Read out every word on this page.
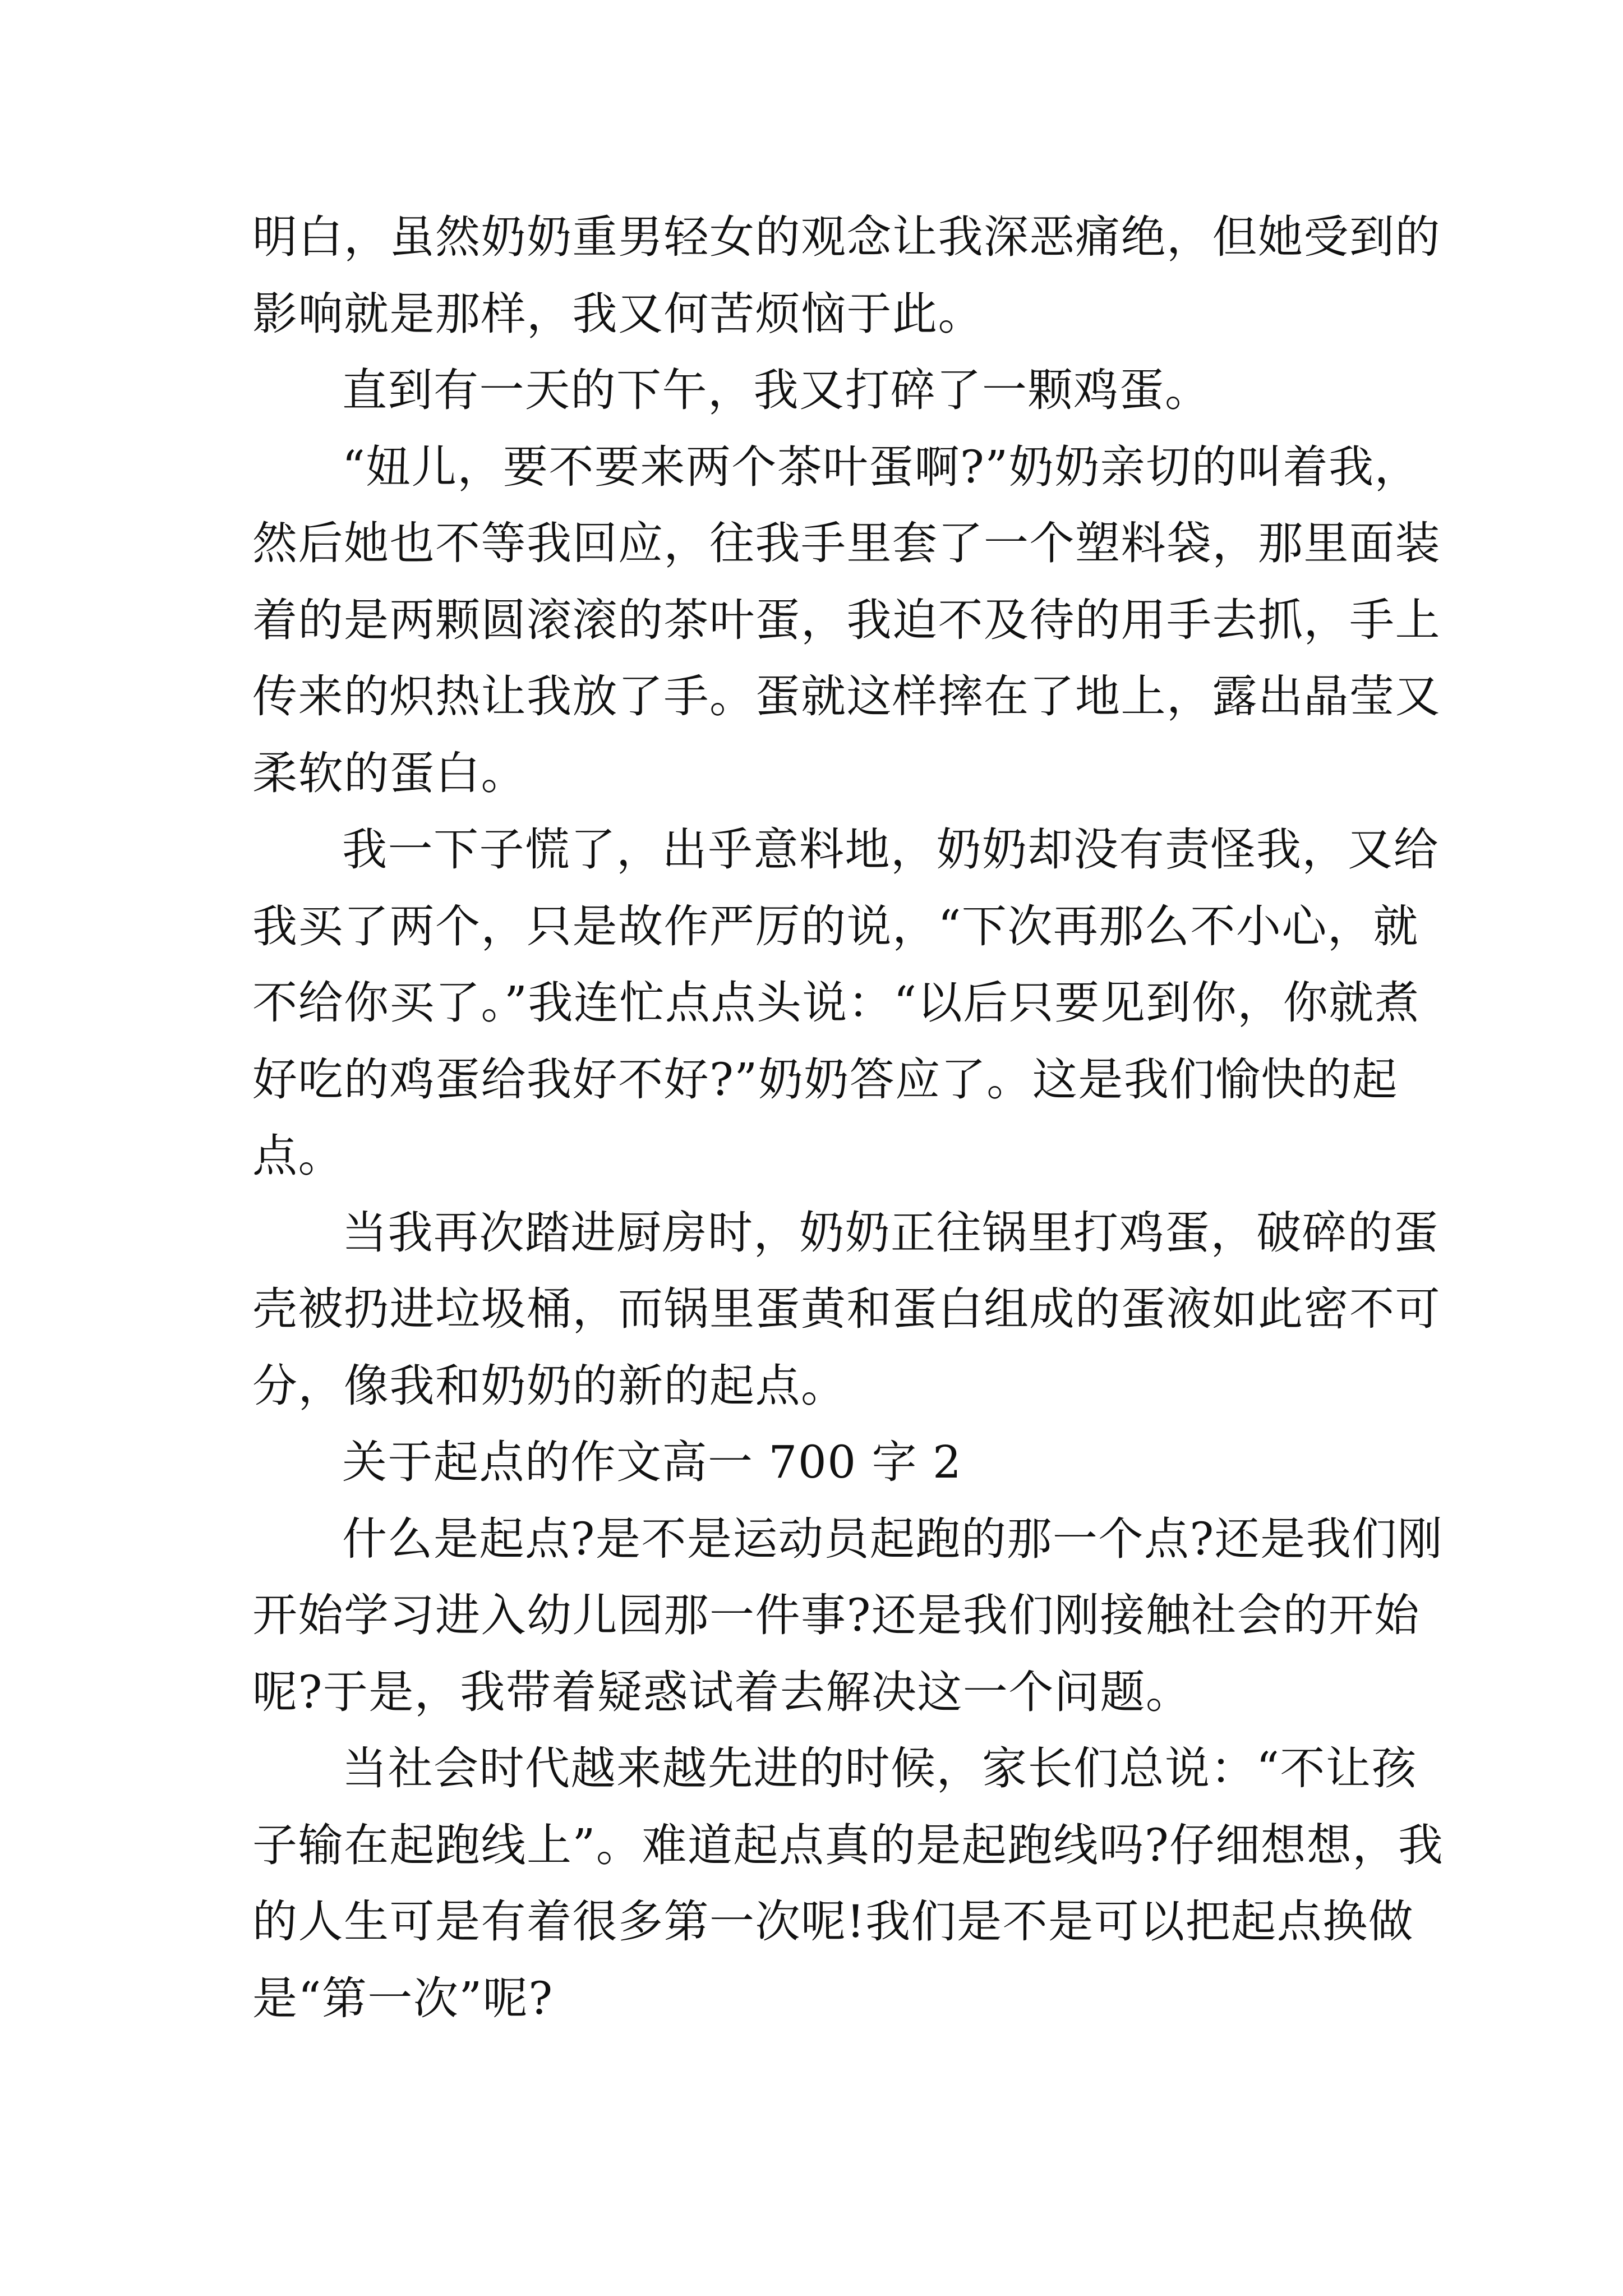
明白，虽然奶奶重男轻女的观念让我深恶痛绝，但她受到的
影响就是那样，我又何苦烦恼于此。

直到有一天的下午，我又打碎了一颗鸡蛋。

“妞儿，要不要来两个茶叶蛋啊?”奶奶亲切的叫着我，
然后她也不等我回应，往我手里套了一个塑料袋，那里面装
着的是两颗圆滚滚的茶叶蛋，我迫不及待的用手去抓，手上
传来的炽热让我放了手。蛋就这样摔在了地上，露出晶莹又
柔软的蛋白。

我一下子慌了，出乎意料地，奶奶却没有责怪我，又给
我买了两个，只是故作严厉的说，“下次再那么不小心，就
不给你买了。”我连忙点点头说：“以后只要见到你，你就煮
好吃的鸡蛋给我好不好?”奶奶答应了。这是我们愉快的起
点。

当我再次踏进厨房时，奶奶正往锅里打鸡蛋，破碎的蛋
壳被扔进垃圾桶，而锅里蛋黄和蛋白组成的蛋液如此密不可
分，像我和奶奶的新的起点。

关于起点的作文高一 700 字 2

什么是起点?是不是运动员起跑的那一个点?还是我们刚
开始学习进入幼儿园那一件事?还是我们刚接触社会的开始
呢?于是，我带着疑惑试着去解决这一个问题。

当社会时代越来越先进的时候，家长们总说：“不让孩
子输在起跑线上”。难道起点真的是起跑线吗?仔细想想，我
的人生可是有着很多第一次呢!我们是不是可以把起点换做
是“第一次”呢?
